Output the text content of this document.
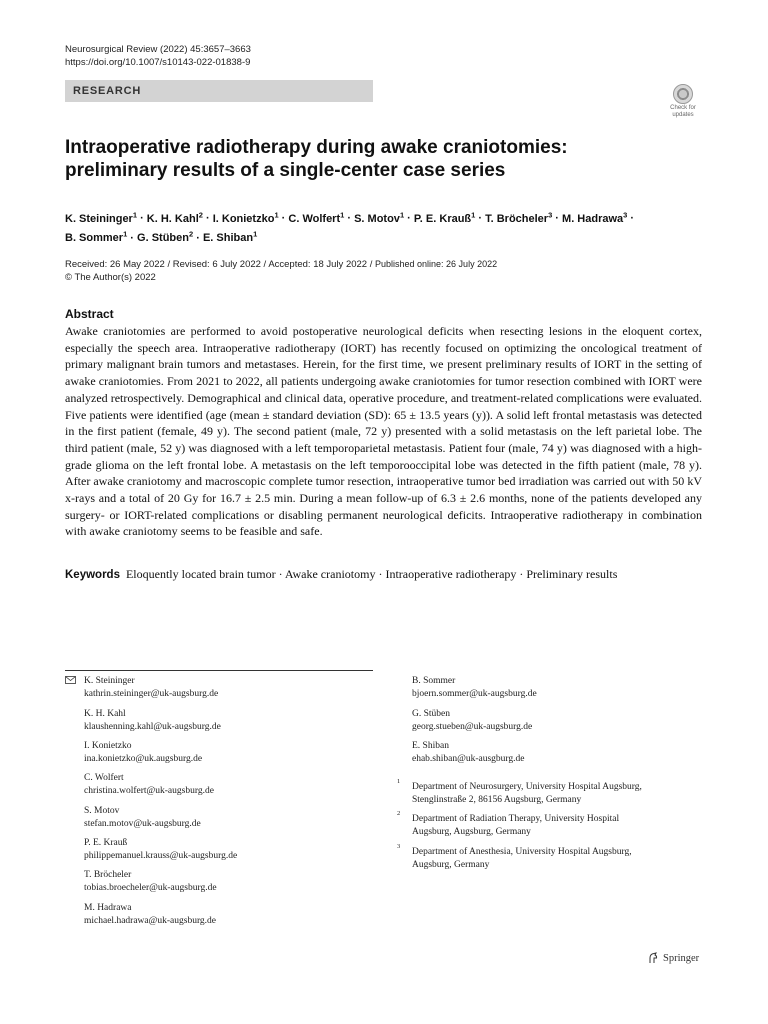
Neurosurgical Review (2022) 45:3657–3663
https://doi.org/10.1007/s10143-022-01838-9
RESEARCH
Check for
updates
Intraoperative radiotherapy during awake craniotomies: preliminary results of a single-center case series
K. Steininger$^1$ · K. H. Kahl$^2$ · I. Konietzko$^1$ · C. Wolfert$^1$ · S. Motov$^1$ · P. E. Krauß$^1$ · T. Bröcheler$^3$ · M. Hadrawa$^3$ ·
B. Sommer$^1$ · G. Stüben$^2$ · E. Shiban$^1$
Received: 26 May 2022 / Revised: 6 July 2022 / Accepted: 18 July 2022 / Published online: 26 July 2022
© The Author(s) 2022
Abstract
Awake craniotomies are performed to avoid postoperative neurological deficits when resecting lesions in the eloquent cortex, especially the speech area. Intraoperative radiotherapy (IORT) has recently focused on optimizing the oncological treatment of primary malignant brain tumors and metastases. Herein, for the first time, we present preliminary results of IORT in the setting of awake craniotomies. From 2021 to 2022, all patients undergoing awake craniotomies for tumor resection combined with IORT were analyzed retrospectively. Demographical and clinical data, operative procedure, and treatment-related complications were evaluated. Five patients were identified (age (mean ± standard deviation (SD): 65 ± 13.5 years (y)). A solid left frontal metastasis was detected in the first patient (female, 49 y). The second patient (male, 72 y) presented with a solid metastasis on the left parietal lobe. The third patient (male, 52 y) was diagnosed with a left temporoparietal metastasis. Patient four (male, 74 y) was diagnosed with a high-grade glioma on the left frontal lobe. A metastasis on the left temporooccipital lobe was detected in the fifth patient (male, 78 y). After awake craniotomy and macroscopic complete tumor resection, intraoperative tumor bed irradiation was carried out with 50 kV x-rays and a total of 20 Gy for 16.7 ± 2.5 min. During a mean follow-up of 6.3 ± 2.6 months, none of the patients developed any surgery- or IORT-related complications or disabling permanent neurological deficits. Intraoperative radiotherapy in combination with awake craniotomy seems to be feasible and safe.
Keywords Eloquently located brain tumor · Awake craniotomy · Intraoperative radiotherapy · Preliminary results
K. Steininger
kathrin.steininger@uk-augsburg.de
K. H. Kahl
klaushenning.kahl@uk-augsburg.de
I. Konietzko
ina.konietzko@uk.augsburg.de
C. Wolfert
christina.wolfert@uk-augsburg.de
S. Motov
stefan.motov@uk-augsburg.de
P. E. Krauß
philippemanuel.krauss@uk-augsburg.de
T. Bröcheler
tobias.broecheler@uk-augsburg.de
M. Hadrawa
michael.hadrawa@uk-augsburg.de
B. Sommer
bjoern.sommer@uk-augsburg.de
G. Stüben
georg.stueben@uk-augsburg.de
E. Shiban
ehab.shiban@uk-ausgburg.de
1
Department of Neurosurgery, University Hospital Augsburg,
Stenglinstraße 2, 86156 Augsburg, Germany
2
Department of Radiation Therapy, University Hospital
Augsburg, Augsburg, Germany
3
Department of Anesthesia, University Hospital Augsburg,
Augsburg, Germany
Springer
